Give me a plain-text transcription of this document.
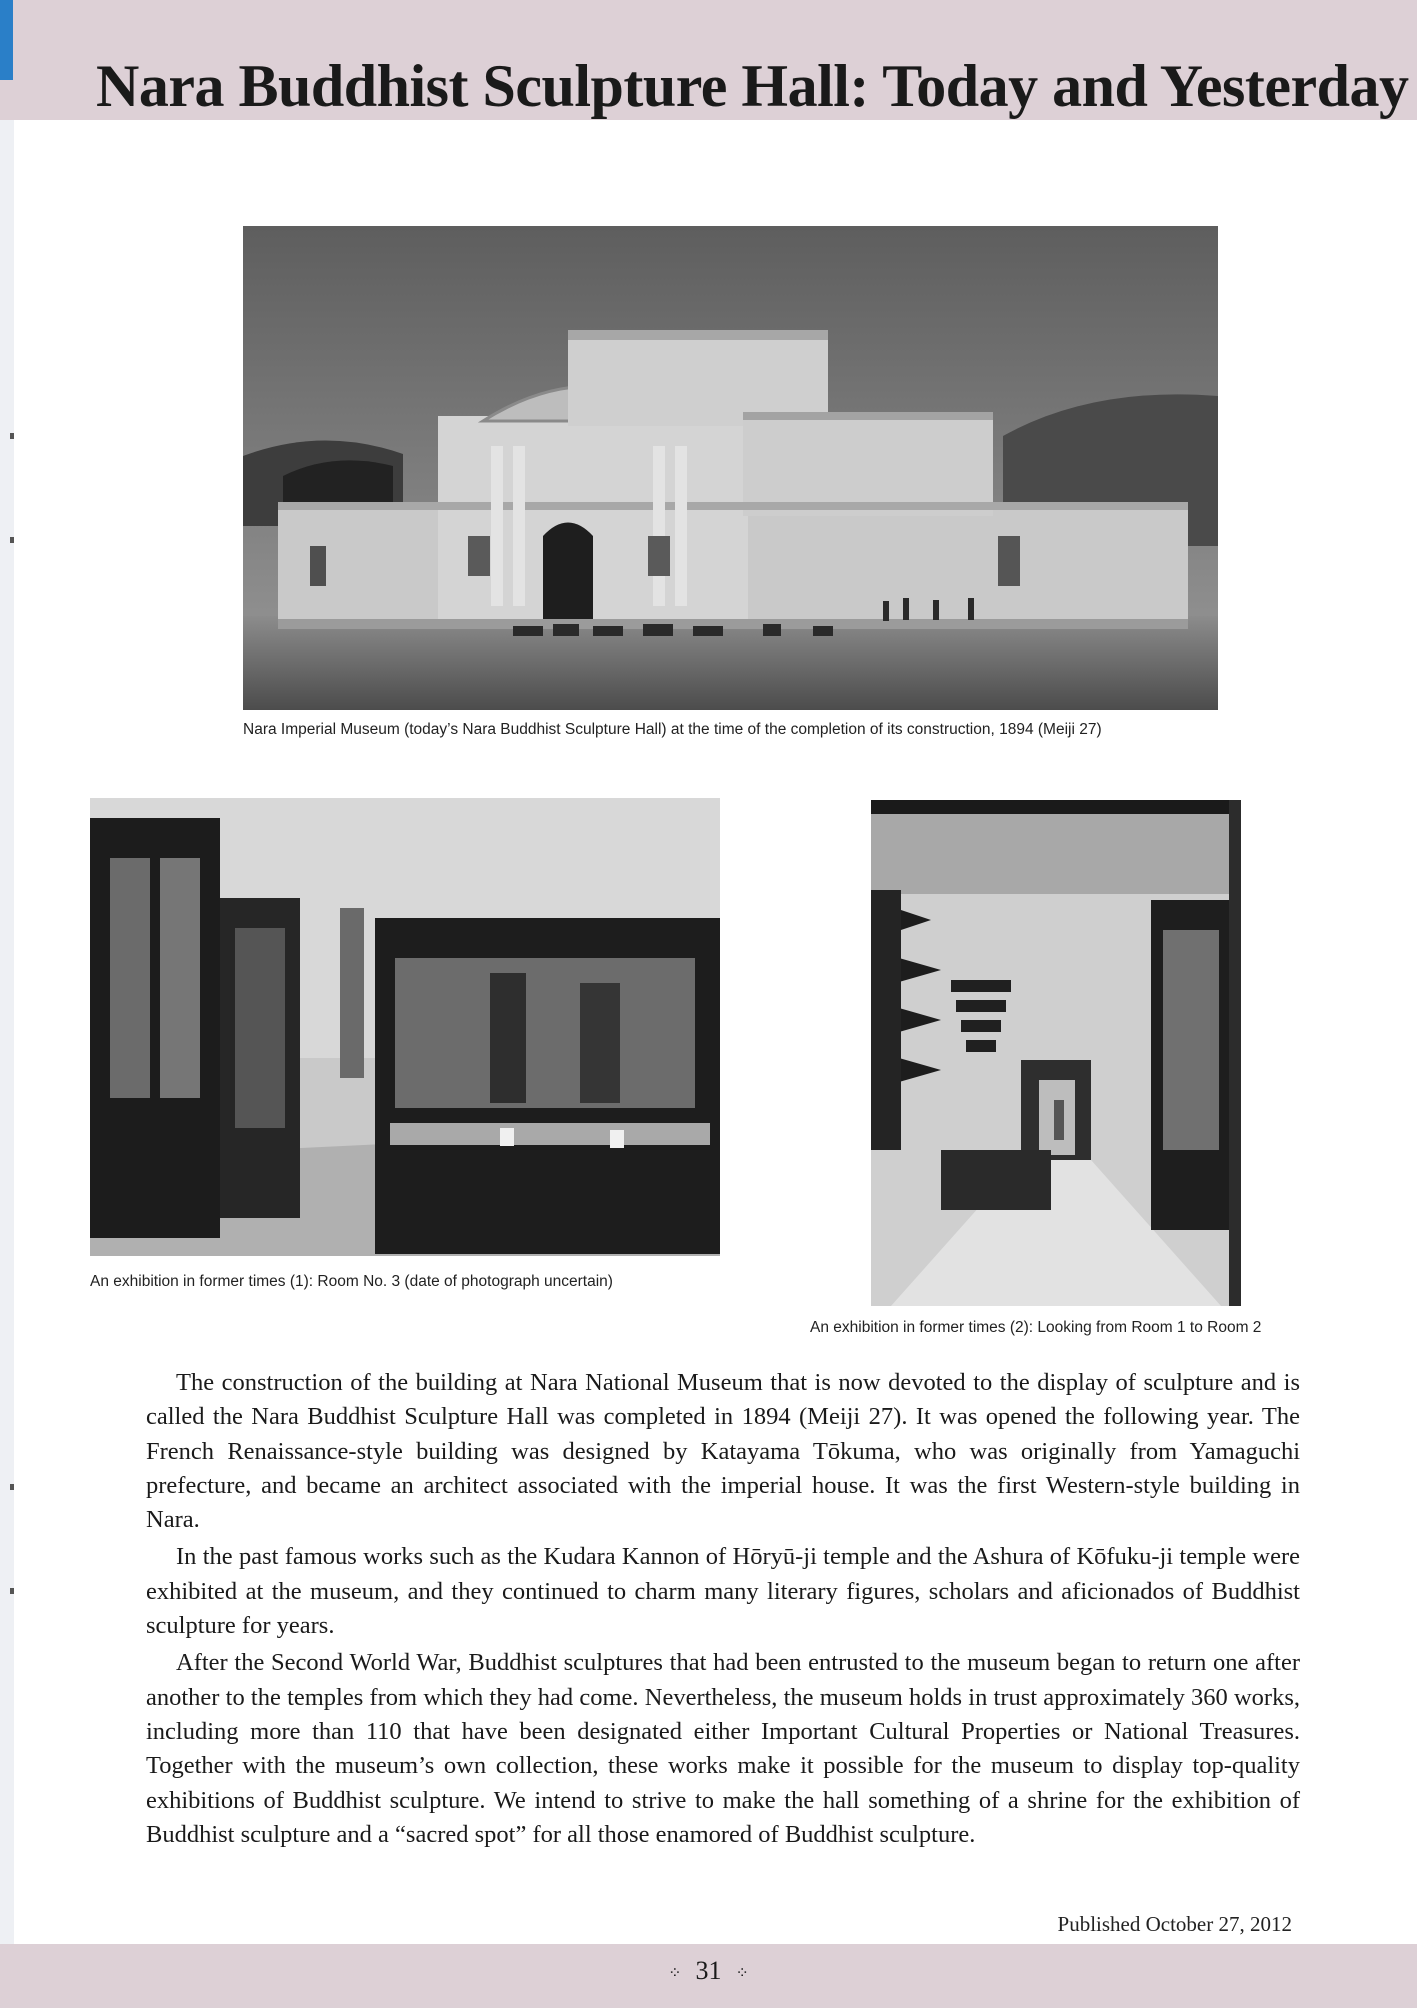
Nara Buddhist Sculpture Hall: Today and Yesterday
Nara Imperial Museum (today’s Nara Buddhist Sculpture Hall) at the time of the completion of its construction, 1894 (Meiji 27)
An exhibition in former times (1): Room No. 3 (date of photograph uncertain)
An exhibition in former times (2): Looking from Room 1 to Room 2

The construction of the building at Nara National Museum that is now devoted to the display of sculpture and is called the Nara Buddhist Sculpture Hall was completed in 1894 (Meiji 27). It was opened the following year. The French Renaissance-style building was designed by Katayama Tōkuma, who was originally from Yamaguchi prefecture, and became an architect associated with the imperial house. It was the first Western-style building in Nara.

In the past famous works such as the Kudara Kannon of Hōryū-ji temple and the Ashura of Kōfuku-ji temple were exhibited at the museum, and they continued to charm many literary figures, scholars and aficionados of Buddhist sculpture for years.

After the Second World War, Buddhist sculptures that had been entrusted to the museum began to return one after another to the temples from which they had come. Nevertheless, the museum holds in trust approximately 360 works, including more than 110 that have been designated either Important Cultural Properties or National Treasures. Together with the museum’s own collection, these works make it possible for the museum to display top-quality exhibitions of Buddhist sculpture. We intend to strive to make the hall something of a shrine for the exhibition of Buddhist sculpture and a “sacred spot” for all those enamored of Buddhist sculpture.

Published October 27, 2012
⁘ 31 ⁘
